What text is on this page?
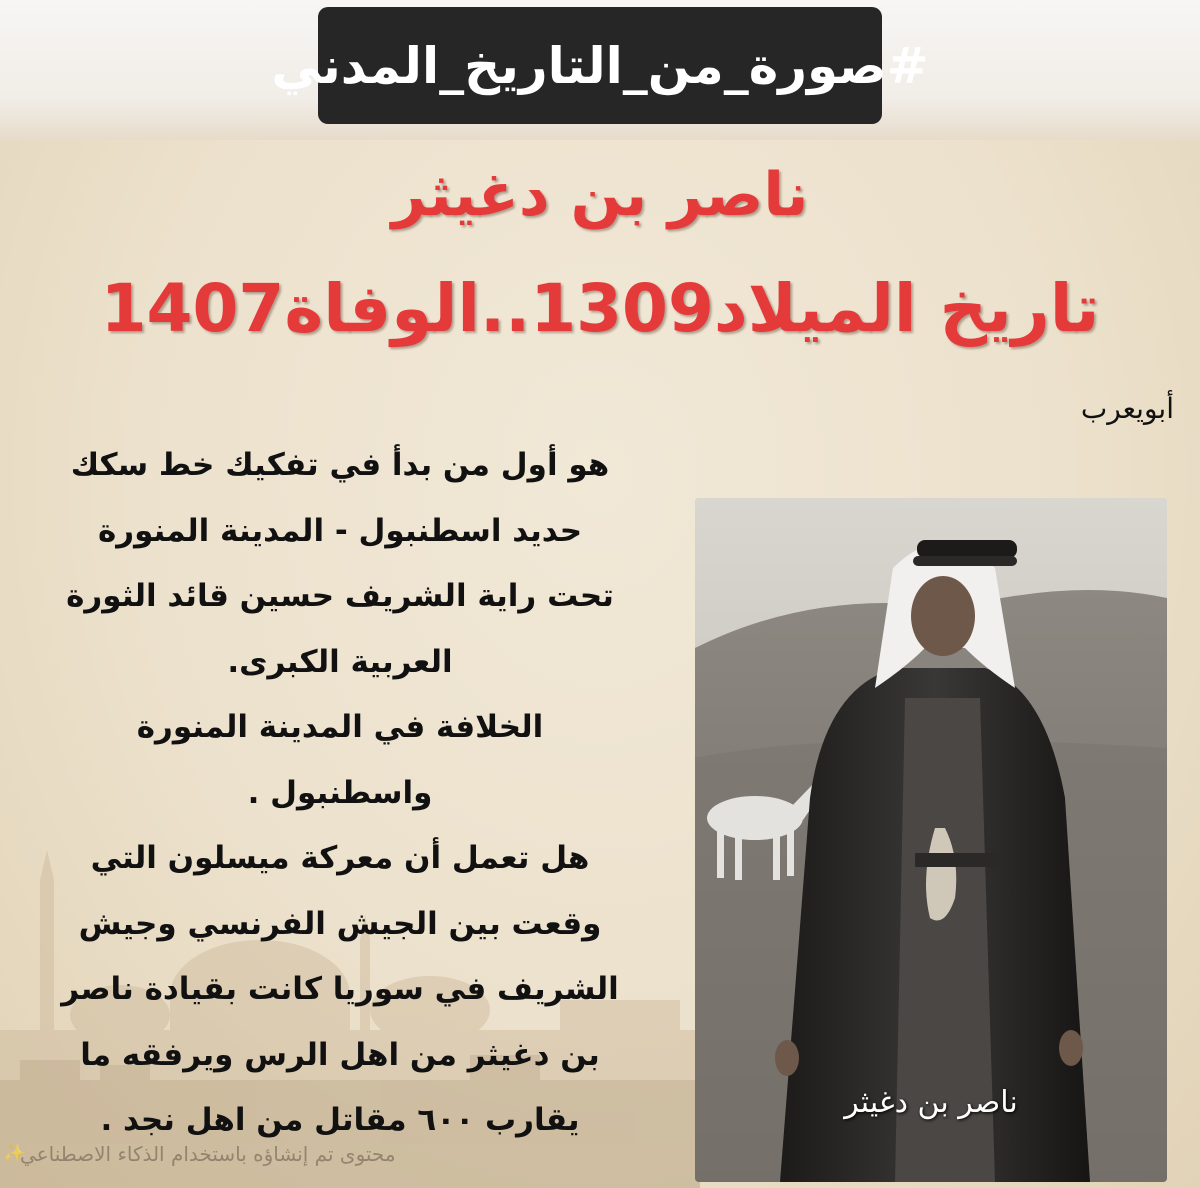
#صورة_من_التاريخ_المدني
ناصر بن دغيثر
تاريخ الميلاد1309..الوفاة1407
أبويعرب
هو أول من بدأ في تفكيك خط سكك
حديد اسطنبول - المدينة المنورة
تحت راية الشريف حسين قائد الثورة
العربية الكبرى.
الخلافة في المدينة المنورة
واسطنبول .
هل تعمل أن معركة ميسلون التي
وقعت بين الجيش الفرنسي وجيش
الشريف في سوريا كانت بقيادة ناصر
بن دغيثر من اهل الرس ويرفقه ما
يقارب ٦٠٠ مقاتل من اهل نجد .	ناصر بن دغيثر
✨
محتوى تم إنشاؤه باستخدام الذكاء الاصطناعي
